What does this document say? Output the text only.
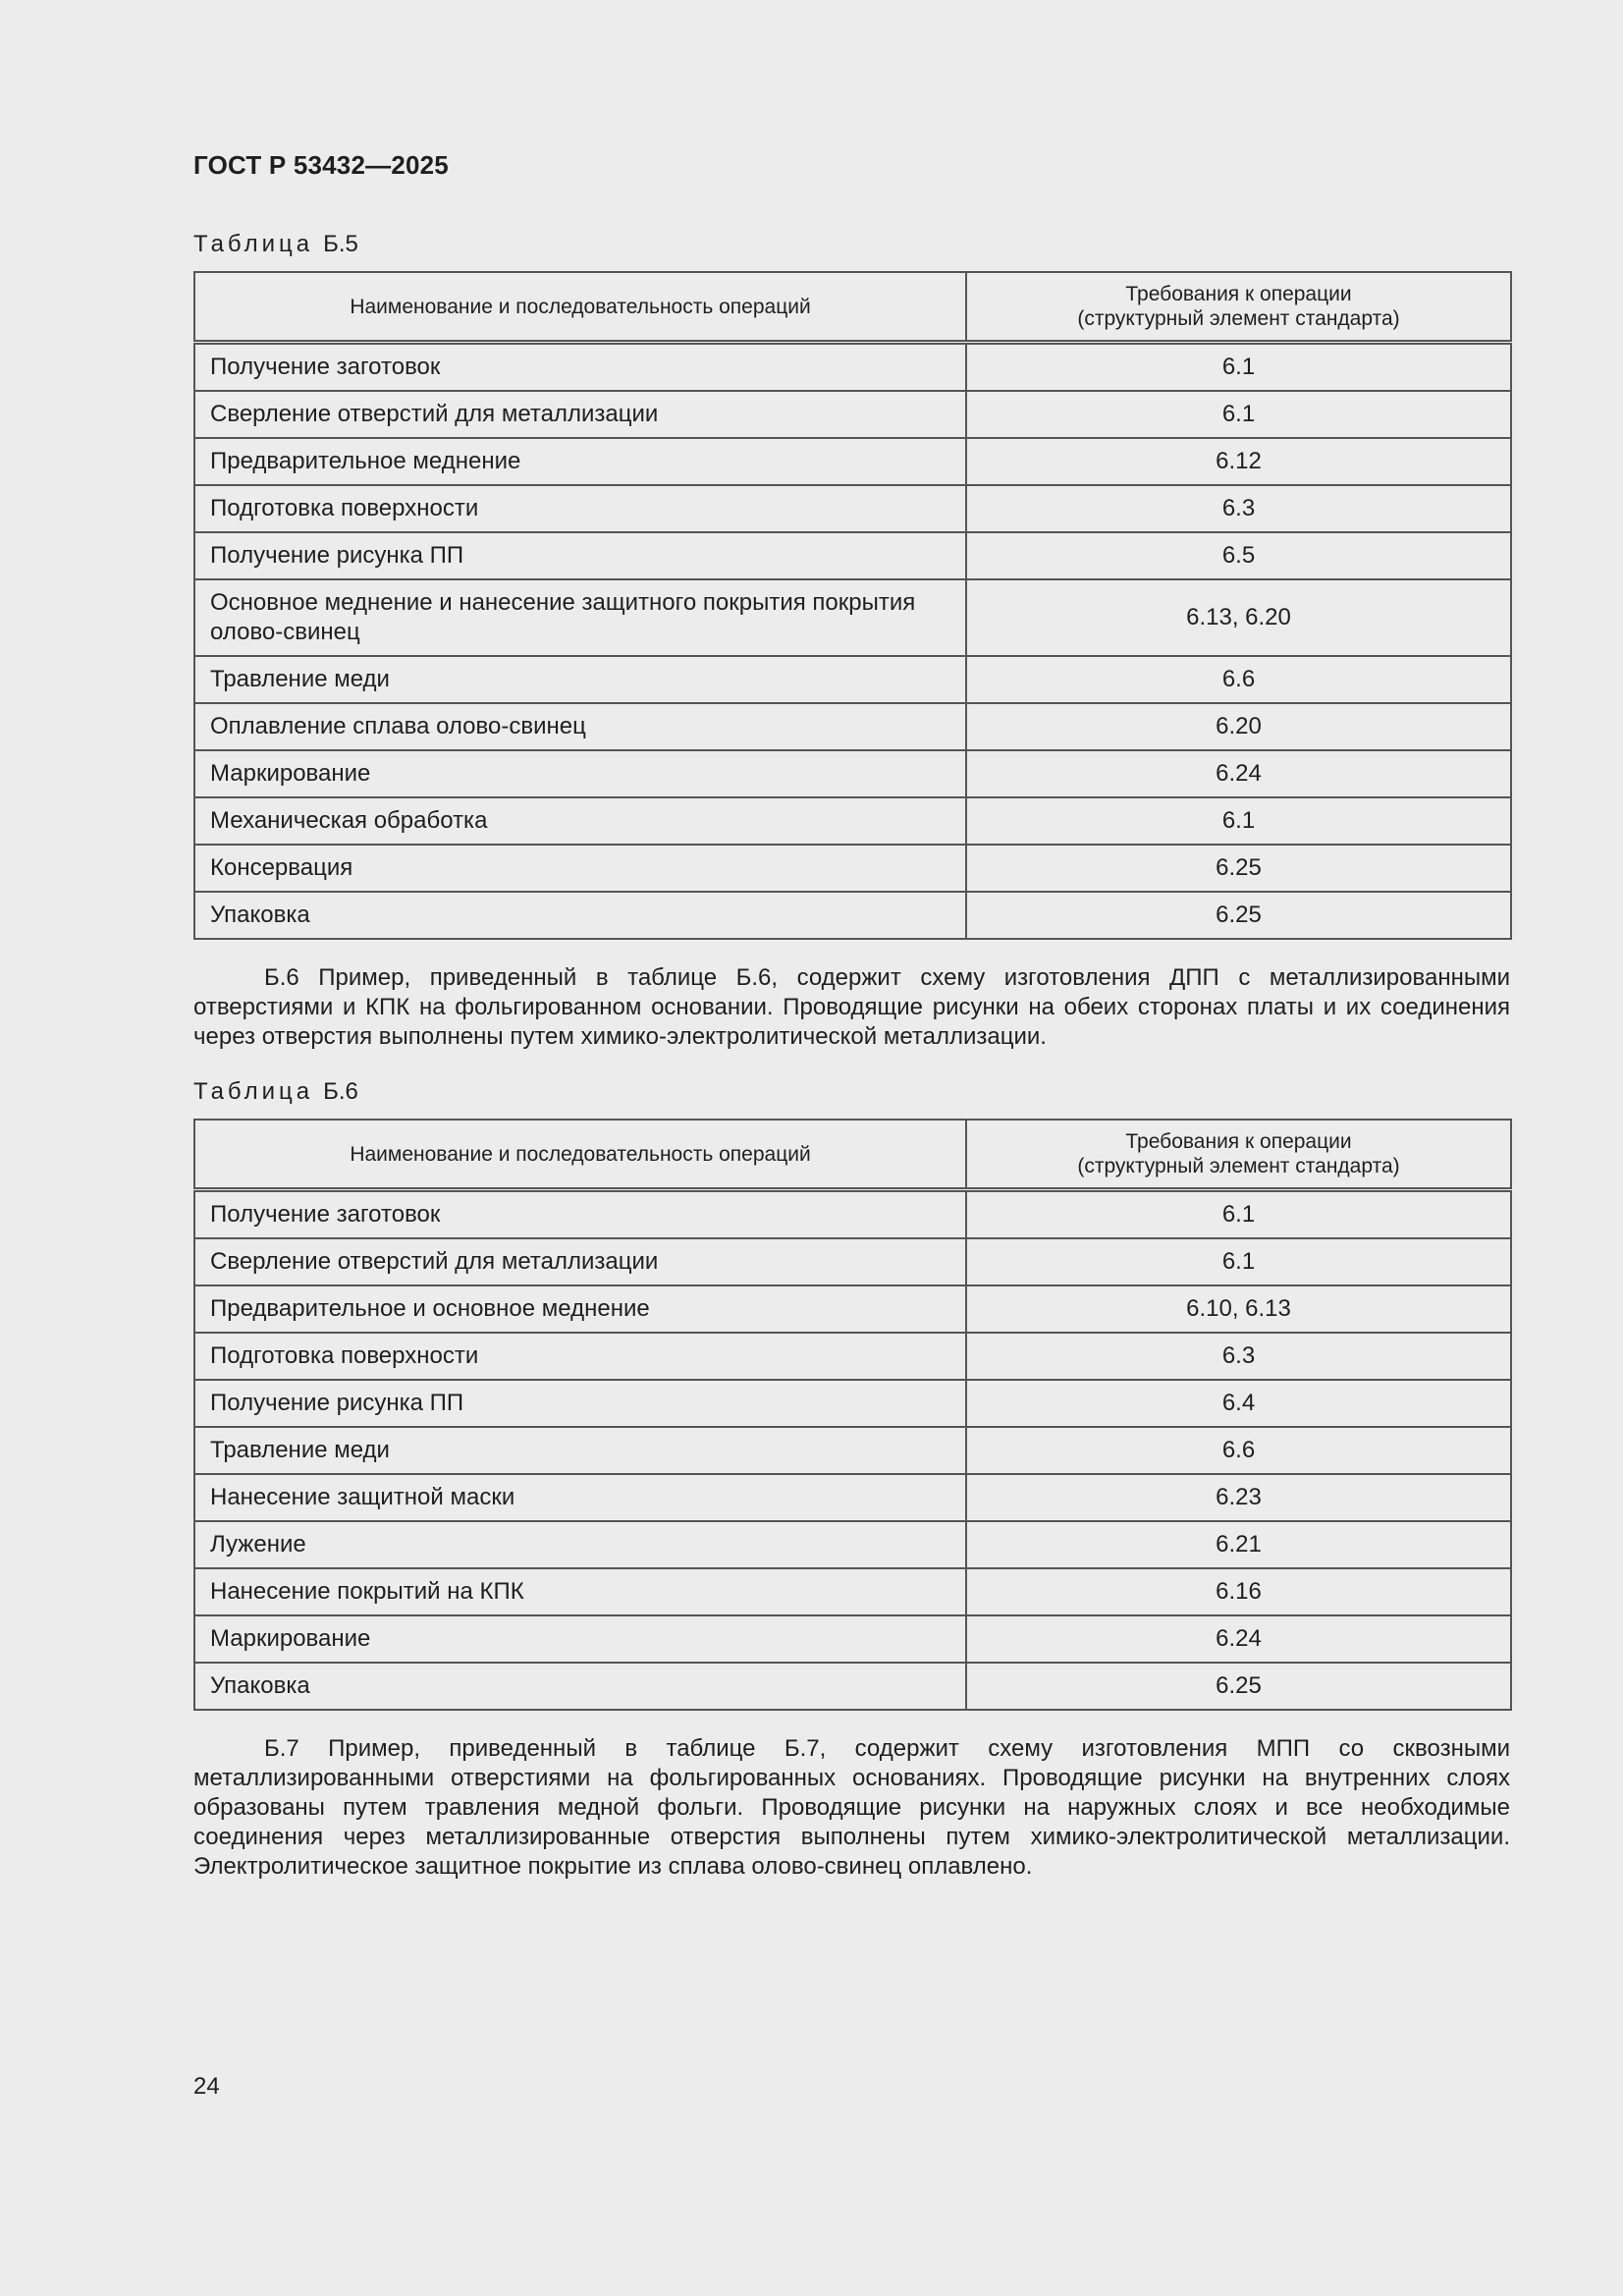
ГОСТ Р 53432—2025

Таблица Б.5

Наименование и последовательность операций	Требования к операции
(структурный элемент стандарта)
Получение заготовок	6.1
Сверление отверстий для металлизации	6.1
Предварительное меднение	6.12
Подготовка поверхности	6.3
Получение рисунка ПП	6.5
Основное меднение и нанесение защитного покрытия покрытия олово-свинец	6.13, 6.20
Травление меди	6.6
Оплавление сплава олово-свинец	6.20
Маркирование	6.24
Механическая обработка	6.1
Консервация	6.25
Упаковка	6.25

Б.6 Пример, приведенный в таблице Б.6, содержит схему изготовления ДПП с металлизированными отверстиями и КПК на фольгированном основании. Проводящие рисунки на обеих сторонах платы и их соединения через отверстия выполнены путем химико-электролитической металлизации.

Таблица Б.6

Наименование и последовательность операций	Требования к операции
(структурный элемент стандарта)
Получение заготовок	6.1
Сверление отверстий для металлизации	6.1
Предварительное и основное меднение	6.10, 6.13
Подготовка поверхности	6.3
Получение рисунка ПП	6.4
Травление меди	6.6
Нанесение защитной маски	6.23
Лужение	6.21
Нанесение покрытий на КПК	6.16
Маркирование	6.24
Упаковка	6.25

Б.7 Пример, приведенный в таблице Б.7, содержит схему изготовления МПП со сквозными металлизированными отверстиями на фольгированных основаниях. Проводящие рисунки на внутренних слоях образованы путем травления медной фольги. Проводящие рисунки на наружных слоях и все необходимые соединения через металлизированные отверстия выполнены путем химико-электролитической металлизации. Электролитическое защитное покрытие из сплава олово-свинец оплавлено.

24
